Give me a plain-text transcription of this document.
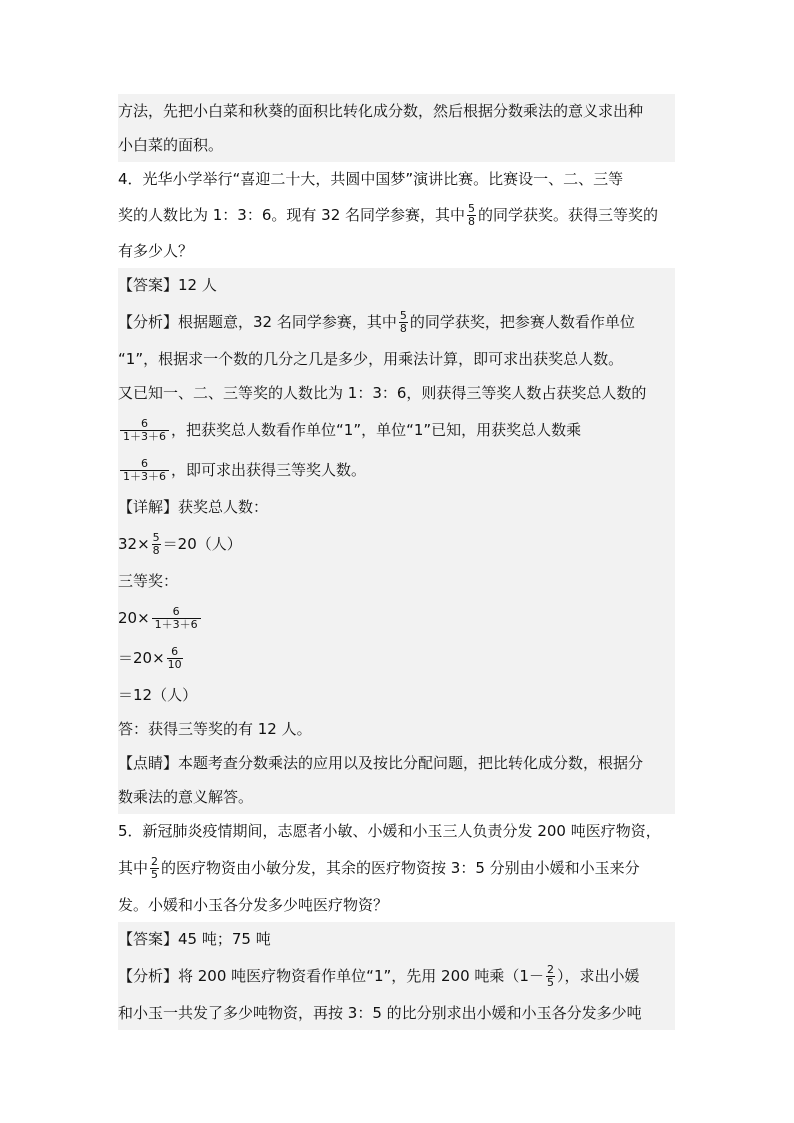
方法，先把小白菜和秋葵的面积比转化成分数，然后根据分数乘法的意义求出种
小白菜的面积。
4．光华小学举行“喜迎二十大，共圆中国梦”演讲比赛。比赛设一、二、三等
奖的人数比为 1：3：6。现有 32 名同学参赛，其中 $\frac{5}{8}$ 的同学获奖。获得三等奖的
有多少人？
【答案】12 人
【分析】根据题意，32 名同学参赛，其中 $\frac{5}{8}$ 的同学获奖，把参赛人数看作单位
“1”，根据求一个数的几分之几是多少，用乘法计算，即可求出获奖总人数。
又已知一、二、三等奖的人数比为 1：3：6，则获得三等奖人数占获奖总人数的
$\frac{6}{1+3+6}$ ，把获奖总人数看作单位“1”，单位“1”已知，用获奖总人数乘
$\frac{6}{1+3+6}$ ，即可求出获得三等奖人数。
【详解】获奖总人数：
$32\times \frac{5}{8} =20$（人）
三等奖：
$20\times \frac{6}{1+3+6}$
$=20\times \frac{6}{10}$
＝12（人）
答：获得三等奖的有 12 人。
【点睛】本题考查分数乘法的应用以及按比分配问题，把比转化成分数，根据分
数乘法的意义解答。
5．新冠肺炎疫情期间，志愿者小敏、小媛和小玉三人负责分发 200 吨医疗物资，
其中 $\frac{2}{5}$ 的医疗物资由小敏分发，其余的医疗物资按 3：5 分别由小媛和小玉来分
发。小媛和小玉各分发多少吨医疗物资？
【答案】45 吨；75 吨
【分析】将 200 吨医疗物资看作单位“1”，先用 200 吨乘（$1- \frac{2}{5}$ ），求出小媛
和小玉一共发了多少吨物资，再按 3：5 的比分别求出小媛和小玉各分发多少吨
